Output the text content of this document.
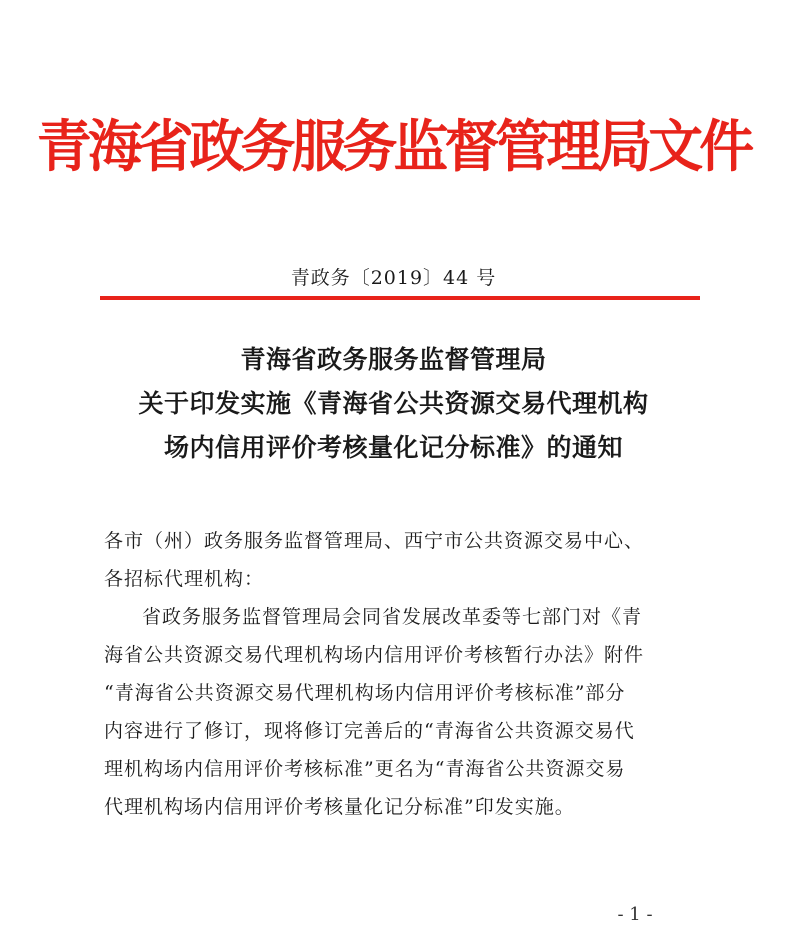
青海省政务服务监督管理局文件
青政务〔2019〕44 号
青海省政务服务监督管理局
关于印发实施《青海省公共资源交易代理机构
场内信用评价考核量化记分标准》的通知
各市（州）政务服务监督管理局、西宁市公共资源交易中心、
各招标代理机构：
省政务服务监督管理局会同省发展改革委等七部门对《青
海省公共资源交易代理机构场内信用评价考核暂行办法》附件
“青海省公共资源交易代理机构场内信用评价考核标准”部分
内容进行了修订，现将修订完善后的“青海省公共资源交易代
理机构场内信用评价考核标准”更名为“青海省公共资源交易
代理机构场内信用评价考核量化记分标准”印发实施。
- 1 -
